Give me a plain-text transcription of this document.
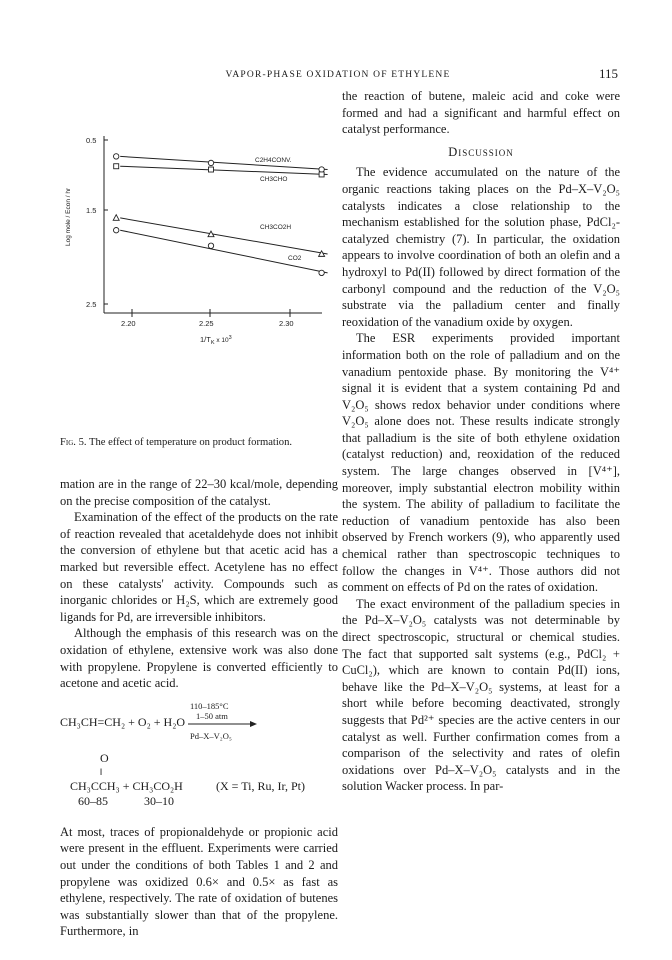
VAPOR-PHASE OXIDATION OF ETHYLENE	115
0.5
1.5
2.5
Log mole / Econ / hr
2.20	2.25	2.30
$1/T_K$ x $10^3$
C2H4CONV.
CH3CHO
CH3CO2H
CO2
Fig. 5. The effect of temperature on product formation.

mation are in the range of 22–30 kcal/mole, depending on the precise composition of the catalyst.

Examination of the effect of the products on the rate of reaction revealed that acetaldehyde does not inhibit the conversion of ethylene but that acetic acid has a marked but reversible effect. Acetylene has no effect on these catalysts' activity. Compounds such as inorganic chlorides or H₂S, which are extremely good ligands for Pd, are irreversible inhibitors.

Although the emphasis of this research was on the oxidation of ethylene, extensive work was also done with propylene. Propylene is converted efficiently to acetone and acetic acid.

110–185°C
1–50 atm
CH₃CH=CH₂ + O₂ + H₂O
Pd–X–V₂O₅
O
‖
CH₃CCH₃ + CH₃CO₂H	(X = Ti, Ru, Ir, Pt)
60–85	30–10

At most, traces of propionaldehyde or propionic acid were present in the effluent. Experiments were carried out under the conditions of both Tables 1 and 2 and propylene was oxidized 0.6× and 0.5× as fast as ethylene, respectively. The rate of oxidation of butenes was substantially slower than that of the propylene. Furthermore, in

the reaction of butene, maleic acid and coke were formed and had a significant and harmful effect on catalyst performance.

Discussion

The evidence accumulated on the nature of the organic reactions taking places on the Pd–X–V₂O₅ catalysts indicates a close relationship to the mechanism established for the solution phase, PdCl₂-catalyzed chemistry (7). In particular, the oxidation appears to involve coordination of both an olefin and a hydroxyl to Pd(II) followed by direct formation of the carbonyl compound and the reduction of the V₂O₅ substrate via the palladium center and finally reoxidation of the vanadium oxide by oxygen.

The ESR experiments provided important information both on the role of palladium and on the vanadium pentoxide phase. By monitoring the V⁴⁺ signal it is evident that a system containing Pd and V₂O₅ shows redox behavior under conditions where V₂O₅ alone does not. These results indicate strongly that palladium is the site of both ethylene oxidation (catalyst reduction) and, reoxidation of the reduced system. The large changes observed in [V⁴⁺], moreover, imply substantial electron mobility within the system. The ability of palladium to facilitate the reduction of vanadium pentoxide has also been observed by French workers (9), who apparently used chemical rather than spectroscopic techniques to follow the changes in V⁴⁺. Those authors did not comment on effects of Pd on the rates of oxidation.

The exact environment of the palladium species in the Pd–X–V₂O₅ catalysts was not determinable by direct spectroscopic, structural or chemical studies. The fact that supported salt systems (e.g., PdCl₂ + CuCl₂), which are known to contain Pd(II) ions, behave like the Pd–X–V₂O₅ systems, at least for a short while before becoming deactivated, strongly suggests that Pd²⁺ species are the active centers in our catalyst as well. Further confirmation comes from a comparison of the selectivity and rates of olefin oxidations over Pd–X–V₂O₅ catalysts and in the solution Wacker process. In par-
